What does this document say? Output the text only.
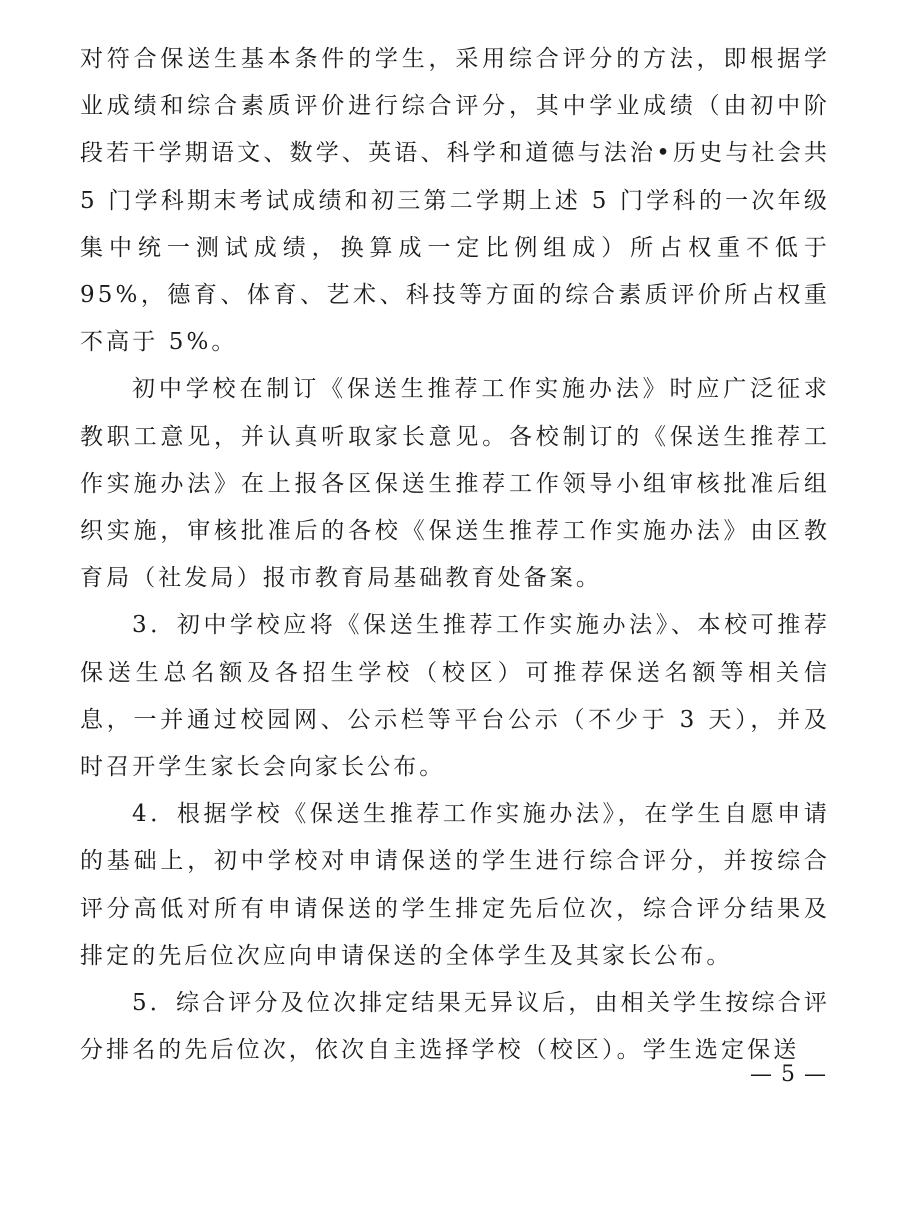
对符合保送生基本条件的学生，采用综合评分的方法，即根据学业成绩和综合素质评价进行综合评分，其中学业成绩（由初中阶段若干学期语文、数学、英语、科学和道德与法治•历史与社会共 5 门学科期末考试成绩和初三第二学期上述 5 门学科的一次年级集中统一测试成绩，换算成一定比例组成）所占权重不低于95%，德育、体育、艺术、科技等方面的综合素质评价所占权重不高于 5%。

初中学校在制订《保送生推荐工作实施办法》时应广泛征求教职工意见，并认真听取家长意见。各校制订的《保送生推荐工作实施办法》在上报各区保送生推荐工作领导小组审核批准后组织实施，审核批准后的各校《保送生推荐工作实施办法》由区教育局（社发局）报市教育局基础教育处备案。

3．初中学校应将《保送生推荐工作实施办法》、本校可推荐保送生总名额及各招生学校（校区）可推荐保送名额等相关信息，一并通过校园网、公示栏等平台公示（不少于 3 天），并及时召开学生家长会向家长公布。

4．根据学校《保送生推荐工作实施办法》，在学生自愿申请的基础上，初中学校对申请保送的学生进行综合评分，并按综合评分高低对所有申请保送的学生排定先后位次，综合评分结果及排定的先后位次应向申请保送的全体学生及其家长公布。

5．综合评分及位次排定结果无异议后，由相关学生按综合评分排名的先后位次，依次自主选择学校（校区）。学生选定保送

— 5 —
